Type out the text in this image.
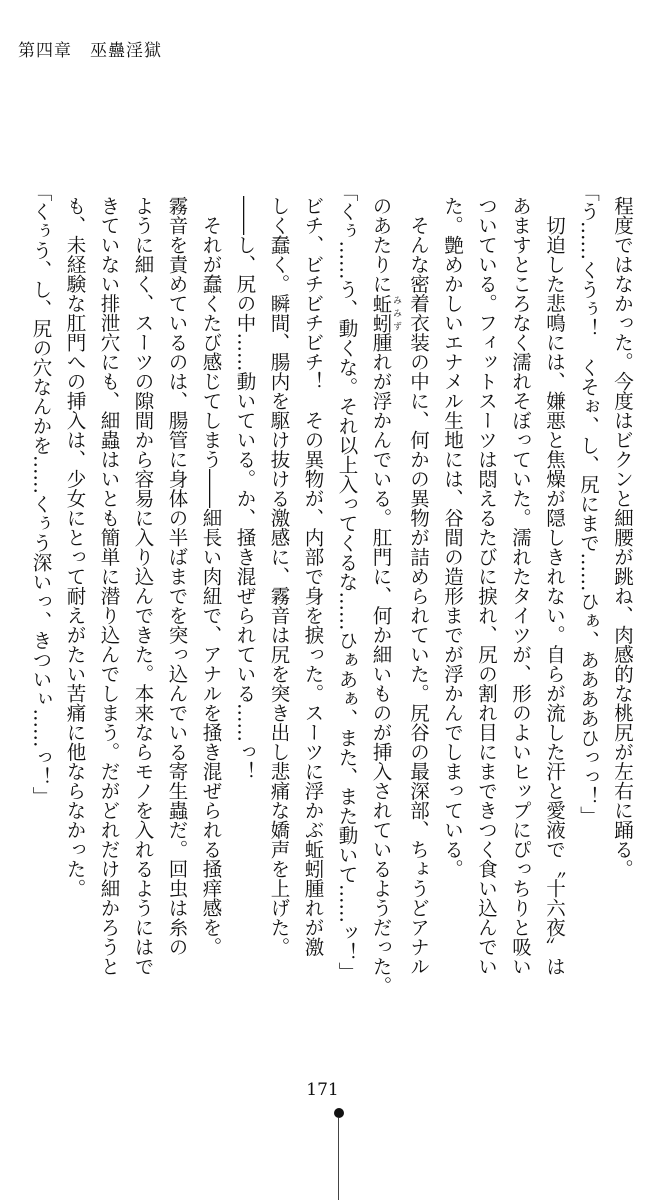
第四章　巫蠱淫獄
程度ではなかった。今度はビクンと細腰が跳ね、肉感的な桃尻が左右に踊る。
「う……くうぅ！　くそぉ、し、尻にまで……ひぁ、ああああひっっ！」
　切迫した悲鳴には、嫌悪と焦燥が隠しきれない。自らが流した汗と愛液で〝十六夜〟は
あますところなく濡れそぼっていた。濡れたタイツが、形のよいヒップにぴっちりと吸い
ついている。フィットスーツは悶えるたびに捩れ、尻の割れ目にまできつく食い込んでい
た。艶めかしいエナメル生地には、谷間の造形までが浮かんでしまっている。
　そんな密着衣装の中に、何かの異物が詰められていた。尻谷の最深部、ちょうどアナル
のあたりに蚯蚓みみず腫れが浮かんでいる。肛門に、何か細いものが挿入されているようだった。
「くぅ……う、動くな。それ以上入ってくるな……ひぁあぁ、また、また動いて……ッ！」
ビチ、ビチビチビチ！　その異物が、内部で身を捩った。スーツに浮かぶ蚯蚓腫れが激
しく蠢く。瞬間、腸内を駆け抜ける激感に、霧音は尻を突き出し悲痛な嬌声を上げた。
――し、尻の中……動いている。か、掻き混ぜられている……っ！
　それが蠢くたび感じてしまう――細長い肉紐で、アナルを掻き混ぜられる掻痒感を。
霧音を責めているのは、腸管に身体の半ばまでを突っ込んでいる寄生蟲だ。回虫は糸の
ように細く、スーツの隙間から容易に入り込んできた。本来ならモノを入れるようにはで
きていない排泄穴にも、細蟲はいとも簡単に潜り込んでしまう。だがどれだけ細かろうと
も、未経験な肛門への挿入は、少女にとって耐えがたい苦痛に他ならなかった。
「くぅう、し、尻の穴なんかを……くぅう深いっ、きついぃ……っ！」
171
